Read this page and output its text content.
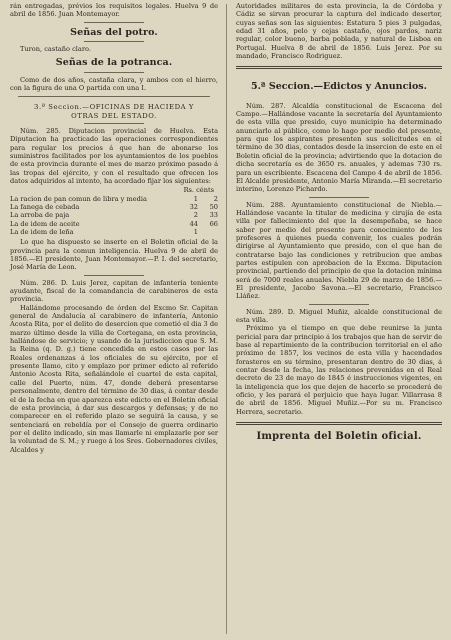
rán entregadas, prévios los requisitos legales. Huelva 9 de abril de 1856. Juan Montemayor.

Señas del potro.

Turon, castaño claro.

Señas de la potranca.

Como de dos años, castaña clara, y ambos con el hierro, con la figura de una O partida con una I.

3.ª Seccion.—OFICINAS DE HACIEDA Y
OTRAS DEL ESTADO.

Núm. 285. Diputacion provincial de Huelva. Esta Diputacion ha practicado las operaciones correspondientes para regular los precios á que han de abonarse los suministros facilitados por los ayuntamientos de los pueblos de esta provincia durante el mes de marzo próximo pasado á las tropas del ejército, y con el resultado que ofrecen los datos adquiridos al intento, ha acordado fijar los siguientes:

Rs. cénts
La racion de pan comun de libra y media	1	2
La fanega de cebada	32	50
La arroba de paja	2	33
La de idem de aceite	44	66
La de idem de leña	1	

Lo que ha dispuesto se inserte en el Boletin oficial de la provincia para la comun inteligencia. Huelva 9 de abril de 1856.—El presidente, Juan Montemayor.—P. I. del secretario, José María de Leon.

Núm. 286. D. Luis Jerez, capitan de infantería teniente ayudante, fiscal de la comandancia de carabineros de esta provincia.

Hallándome procesando de órden del Excmo Sr. Capitan general de Andalucía al carabinero de infantería, Antonio Acosta Rita, por el delito de desercion que cometió el dia 3 de marzo último desde la villa de Cortegana, en esta provincia, hallándose de servicio; y usando de la jurisdiccion que S. M. la Reina (q. D. g.) tiene concedida en estos casos por las Reales ordenanzas á los oficiales de su ejército, por el presente llamo, cito y emplazo por primer edicto al referido Antonio Acosta Rita, señalándole el cuartel de esta capital, calle del Puerto, núm. 47, donde deberá presentarse personalmente, dentro del término de 30 dias, á contar desde el de la fecha en que aparezca este edicto en el Boletin oficial de esta provincia, á dar sus descargos y defensas; y de no comparecer en el referido plazo se seguirá la causa, y se sentenciará en rebeldía por el Consejo de guerra ordinario por el delito indicado, sin mas llamarle ni emplazarle por ser la voluntad de S. M.; y ruego á los Sres. Gobernadores civiles, Alcaldes y

Autoridades militares de esta provincia, la de Córdoba y Cádiz se sirvan procurar la captura del indicado desertor, cuyas señas son las siguientes: Estatura 5 pies 3 pulgadas, edad 31 años, pelo y cejas castaño, ojos pardos, nariz regular, color bueno, barba poblada, y natural de Lisboa en Portugal. Huelva 8 de abril de 1856. Luis Jerez. Por su mandado, Francisco Rodriguez.

5.ª Seccion.—Edictos y Anuncios.

Núm. 287. Alcaldía constitucional de Escacena del Campo.—Hallándose vacante la secretaría del Ayuntamiento de esta villa que presido, cuyo municipio ha determinado anunciarlo al público, como lo hago por medio del presente, para que los aspirantes presenten sus solicitudes en el término de 30 dias, contados desde la insercion de este en el Boletin oficial de la provincia; advirtiendo que la dotacion de dicha secretaría es de 3650 rs. anuales, y ademas 730 rs. para un escribiente. Escacena del Campo 4 de abril de 1856. El Alcalde presidente, Antonio María Miranda.—El secretario interino, Lorenzo Pichardo.

Núm. 288. Ayuntamiento constitucional de Niebla.—Hallándose vacante la titular de medicina y cirujía de esta villa por fallecimiento del que la desempeñaba, se hace saber por medio del presente para conocimiento de los profesores á quienes pueda convenir, los cuales podrán dirigirse al Ayuntamiento que presido, con el que han de contratarse bajo las condiciones y retribucion que ambas partes estipulen con aprobacion de la Excma. Diputacion provincial, partiendo del principio de que la dotacion mínima será de 7000 reales anuales. Niebla 29 de marzo de 1856.—El presidente, Jacobo Savona.—El secretario, Francisco Lláñez.

Núm. 289. D. Miguel Muñiz, alcalde constitucional de esta villa.

Próximo ya el tiempo en que debe reunirse la junta pericial para dar principio á los trabajos que han de servir de base al repartimiento de la contribucion territorial en el año próximo de 1857, los vecinos de esta villa y hacendados forasteros en su término, presentaran dentro de 30 dias, á contar desde la fecha, las relaciones prevenidas en el Real decreto de 23 de mayo de 1845 é instrucciones vigentes, en la inteligencia que los que dejen de hacerlo se procederá de oficio, y les parará el perjuicio que haya lugar. Villarrasa 8 de abril de 1856. Miguel Muñiz.—Por su m. Francisco Herrera, secretario.

Imprenta del Boletin oficial.
